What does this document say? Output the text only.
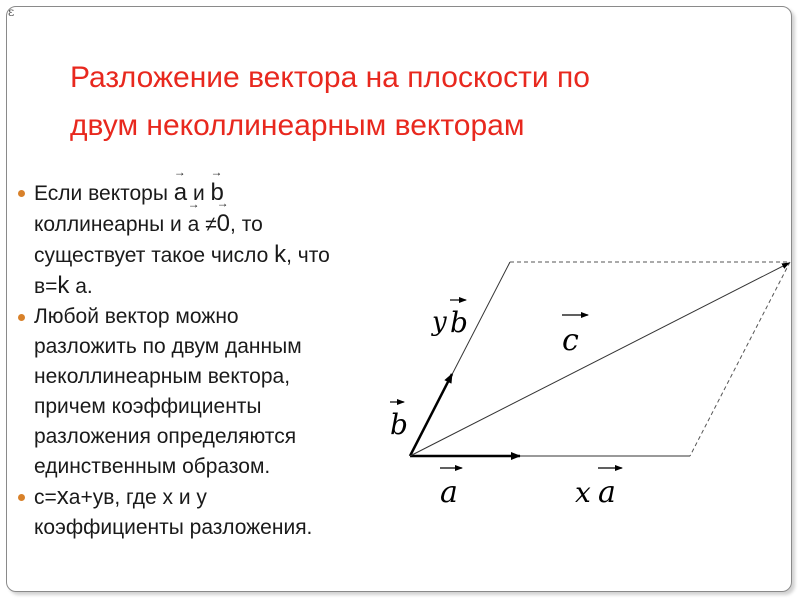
ε
Разложение вектора на плоскости по
двум неколлинеарным векторам

Если векторы а → и b →
коллинеарны и а → ≠0 →, то
существует такое число k, что
в=k а.

Любой вектор можно
разложить по двум данным
неколлинеарным вектора,
причем коэффициенты
разложения определяются
единственным образом.

с=ха+ув, где х и у
коэффициенты разложения.

y b
c
b
a	x a
